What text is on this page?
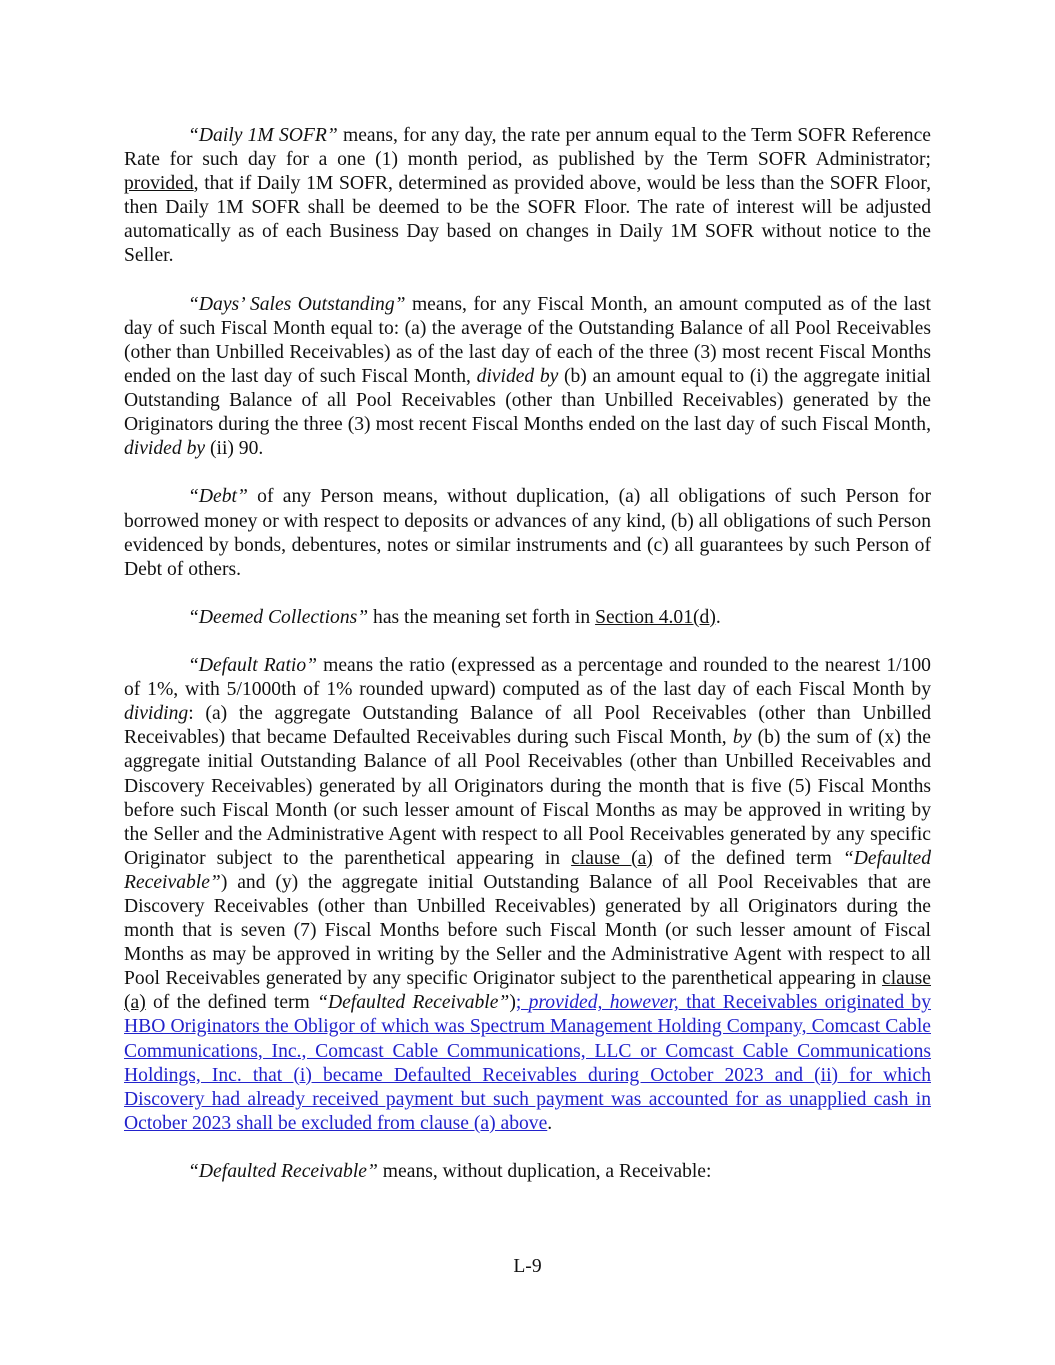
“Daily 1M SOFR” means, for any day, the rate per annum equal to the Term SOFR Reference Rate for such day for a one (1) month period, as published by the Term SOFR Administrator; provided, that if Daily 1M SOFR, determined as provided above, would be less than the SOFR Floor, then Daily 1M SOFR shall be deemed to be the SOFR Floor. The rate of interest will be adjusted automatically as of each Business Day based on changes in Daily 1M SOFR without notice to the Seller.

“Days’ Sales Outstanding” means, for any Fiscal Month, an amount computed as of the last day of such Fiscal Month equal to: (a) the average of the Outstanding Balance of all Pool Receivables (other than Unbilled Receivables) as of the last day of each of the three (3) most recent Fiscal Months ended on the last day of such Fiscal Month, divided by (b) an amount equal to (i) the aggregate initial Outstanding Balance of all Pool Receivables (other than Unbilled Receivables) generated by the Originators during the three (3) most recent Fiscal Months ended on the last day of such Fiscal Month, divided by (ii) 90.

“Debt” of any Person means, without duplication, (a) all obligations of such Person for borrowed money or with respect to deposits or advances of any kind, (b) all obligations of such Person evidenced by bonds, debentures, notes or similar instruments and (c) all guarantees by such Person of Debt of others.

“Deemed Collections” has the meaning set forth in Section 4.01(d).

“Default Ratio” means the ratio (expressed as a percentage and rounded to the nearest 1/100 of 1%, with 5/1000th of 1% rounded upward) computed as of the last day of each Fiscal Month by dividing: (a) the aggregate Outstanding Balance of all Pool Receivables (other than Unbilled Receivables) that became Defaulted Receivables during such Fiscal Month, by (b) the sum of (x) the aggregate initial Outstanding Balance of all Pool Receivables (other than Unbilled Receivables and Discovery Receivables) generated by all Originators during the month that is five (5) Fiscal Months before such Fiscal Month (or such lesser amount of Fiscal Months as may be approved in writing by the Seller and the Administrative Agent with respect to all Pool Receivables generated by any specific Originator subject to the parenthetical appearing in clause (a) of the defined term “Defaulted Receivable”) and (y) the aggregate initial Outstanding Balance of all Pool Receivables that are Discovery Receivables (other than Unbilled Receivables) generated by all Originators during the month that is seven (7) Fiscal Months before such Fiscal Month (or such lesser amount of Fiscal Months as may be approved in writing by the Seller and the Administrative Agent with respect to all Pool Receivables generated by any specific Originator subject to the parenthetical appearing in clause (a) of the defined term “Defaulted Receivable”); provided, however, that Receivables originated by HBO Originators the Obligor of which was Spectrum Management Holding Company, Comcast Cable Communications, Inc., Comcast Cable Communications, LLC or Comcast Cable Communications Holdings, Inc. that (i) became Defaulted Receivables during October 2023 and (ii) for which Discovery had already received payment but such payment was accounted for as unapplied cash in October 2023 shall be excluded from clause (a) above.

“Defaulted Receivable” means, without duplication, a Receivable:

L-9
